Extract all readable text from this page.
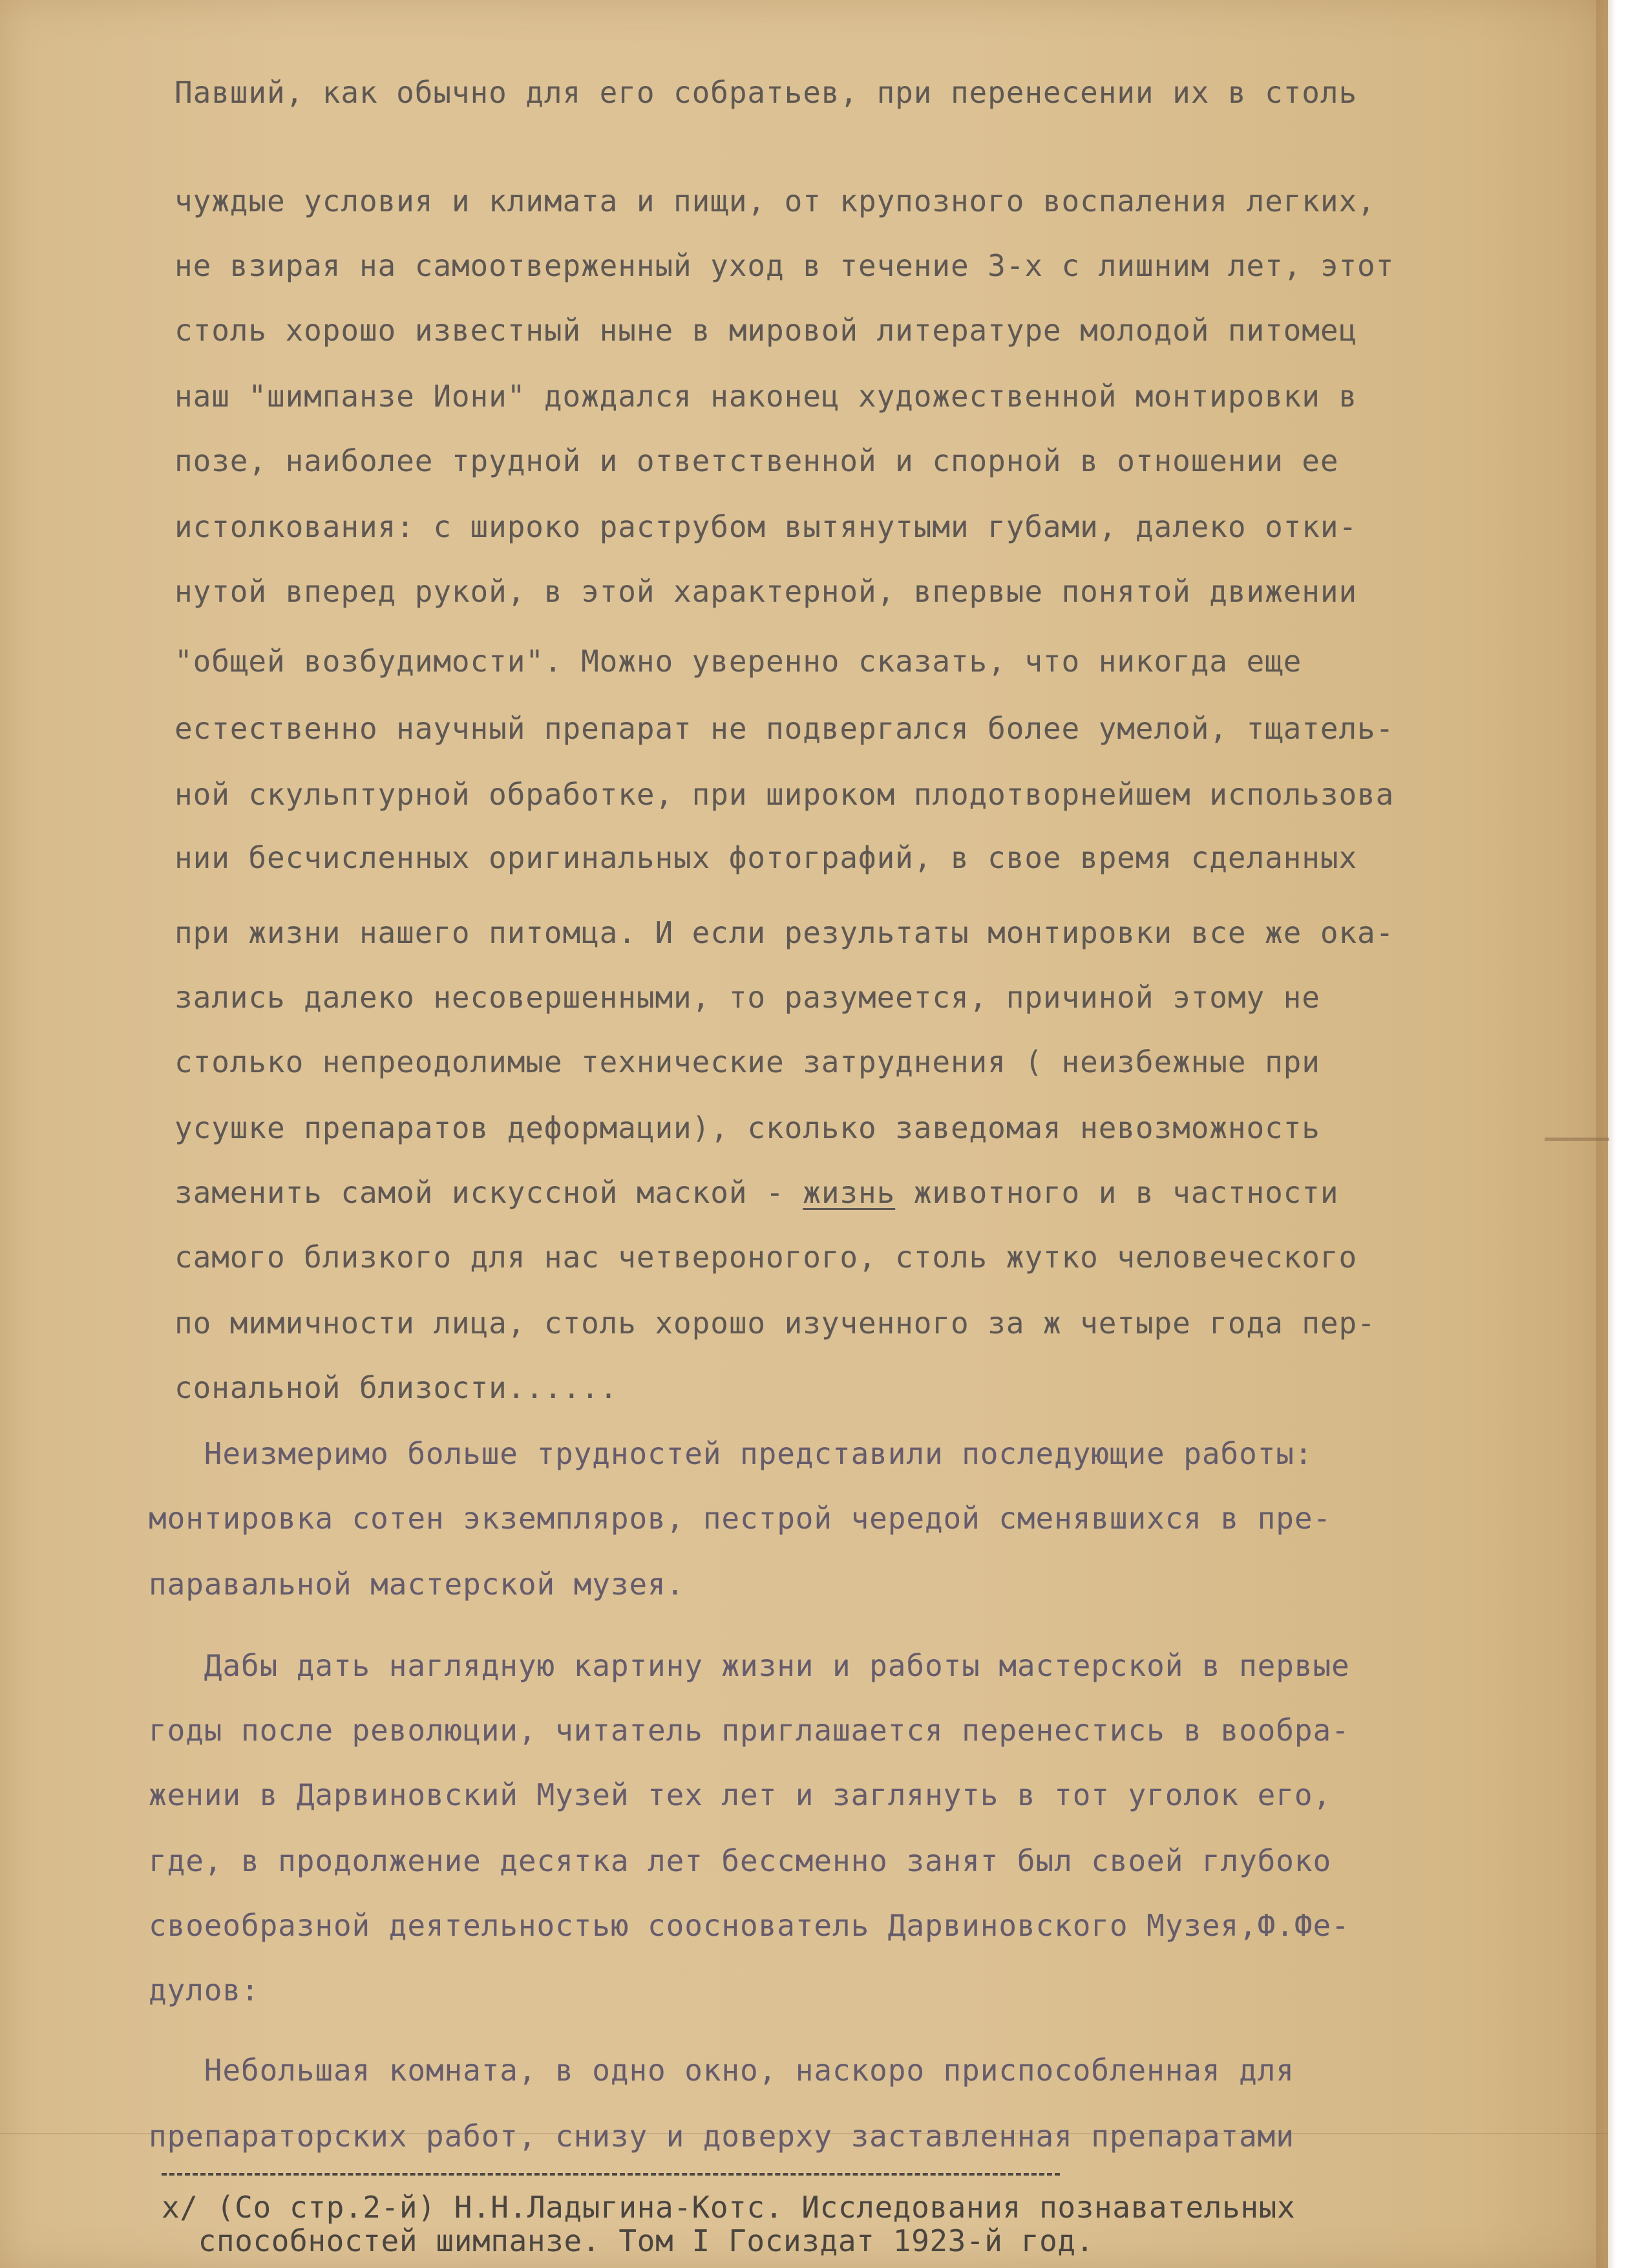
Павший, как обычно для его собратьев, при перенесении их в столь
чуждые условия и климата и пищи, от крупозного воспаления легких,
не взирая на самоотверженный уход в течение 3-х с лишним лет, этот
столь хорошо известный ныне в мировой литературе молодой питомец
наш "шимпанзе Иони" дождался наконец художественной монтировки в
позе, наиболее трудной и ответственной и спорной в отношении ее
истолкования: с широко раструбом вытянутыми губами, далеко отки-
нутой вперед рукой, в этой характерной, впервые понятой движении
"общей возбудимости". Можно уверенно сказать, что никогда еще
естественно научный препарат не подвергался более умелой, тщатель-
ной скульптурной обработке, при широком плодотворнейшем использова
нии бесчисленных оригинальных фотографий, в свое время сделанных
при жизни нашего питомца. И если результаты монтировки все же ока-
зались далеко несовершенными, то разумеется, причиной этому не
столько непреодолимые технические затруднения ( неизбежные при
усушке препаратов деформации), сколько заведомая невозможность
заменить самой искуссной маской - жизнь животного и в частности
самого близкого для нас четвероногого, столь жутко человеческого
по мимичности лица, столь хорошо изученного за ж четыре года пер-
сональной близости......
Неизмеримо больше трудностей представили последующие работы:
монтировка сотен экземпляров, пестрой чередой сменявшихся в пре-
паравальной мастерской музея.
Дабы дать наглядную картину жизни и работы мастерской в первые
годы после революции, читатель приглашается перенестись в вообра-
жении в Дарвиновский Музей тех лет и заглянуть в тот уголок его,
где, в продолжение десятка лет бессменно занят был своей глубоко
своеобразной деятельностью сооснователь Дарвиновского Музея,Ф.Фе-
дулов:
Небольшая комната, в одно окно, наскоро приспособленная для
препараторских работ, снизу и доверху заставленная препаратами
х/ (Со стр.2-й) Н.Н.Ладыгина-Котс. Исследования познавательных
способностей шимпанзе. Том I Госиздат 1923-й год.
